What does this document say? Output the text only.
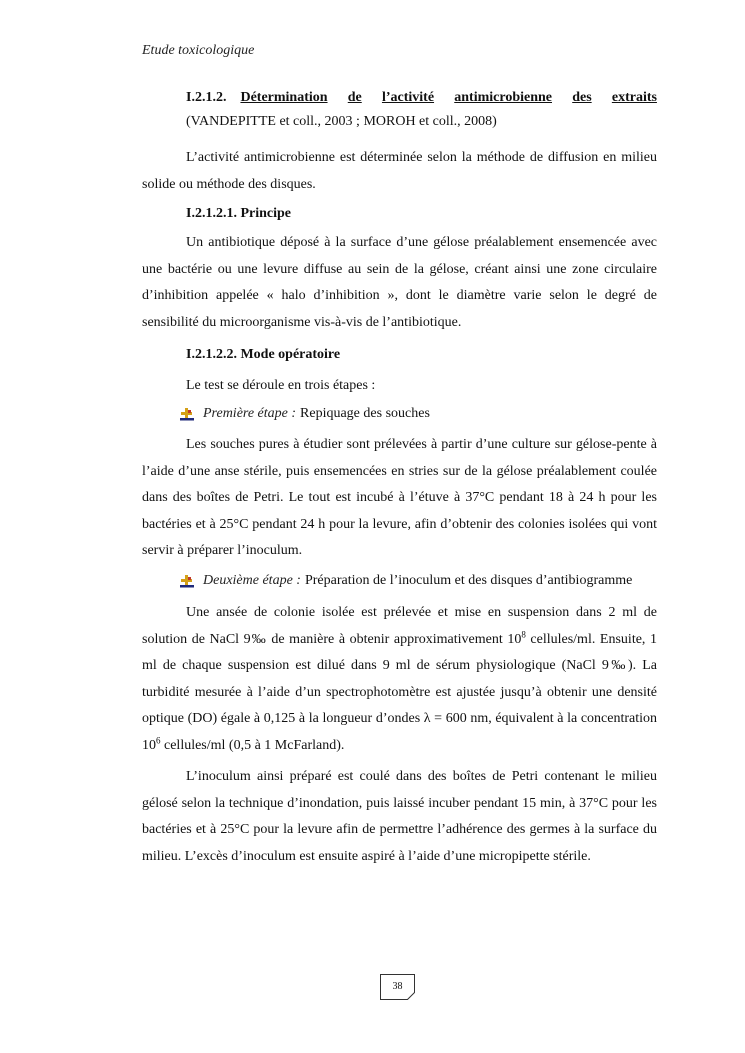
Etude toxicologique
I.2.1.2. Détermination de l’activité antimicrobienne des extraits

(VANDEPITTE et coll., 2003 ; MOROH et coll., 2008)

L’activité antimicrobienne est déterminée selon la méthode de diffusion en milieu solide ou méthode des disques.

I.2.1.2.1. Principe

Un antibiotique déposé à la surface d’une gélose préalablement ensemencée avec une bactérie ou une levure diffuse au sein de la gélose, créant ainsi une zone circulaire d’inhibition appelée « halo d’inhibition », dont le diamètre varie selon le degré de sensibilité du microorganisme vis-à-vis de l’antibiotique.

I.2.1.2.2. Mode opératoire

Le test se déroule en trois étapes :

Première étape : Repiquage des souches

Les souches pures à étudier sont prélevées à partir d’une culture sur gélose-pente à l’aide d’une anse stérile, puis ensemencées en stries sur de la gélose préalablement coulée dans des boîtes de Petri. Le tout est incubé à l’étuve à 37°C pendant 18 à 24 h pour les bactéries et à 25°C pendant 24 h pour la levure, afin d’obtenir des colonies isolées qui vont servir à préparer l’inoculum.

Deuxième étape : Préparation de l’inoculum et des disques d’antibiogramme

Une ansée de colonie isolée est prélevée et mise en suspension dans 2 ml de solution de NaCl 9‰ de manière à obtenir approximativement $10^8$ cellules/ml. Ensuite, 1 ml de chaque suspension est dilué dans 9 ml de sérum physiologique (NaCl 9‰). La turbidité mesurée à l’aide d’un spectrophotomètre est ajustée jusqu’à obtenir une densité optique (DO) égale à 0,125 à la longueur d’ondes λ = 600 nm, équivalent à la concentration $10^6$ cellules/ml (0,5 à 1 McFarland).

L’inoculum ainsi préparé est coulé dans des boîtes de Petri contenant le milieu gélosé selon la technique d’inondation, puis laissé incuber pendant 15 min, à 37°C pour les bactéries et à 25°C pour la levure afin de permettre l’adhérence des germes à la surface du milieu. L’excès d’inoculum est ensuite aspiré à l’aide d’une micropipette stérile.

38
